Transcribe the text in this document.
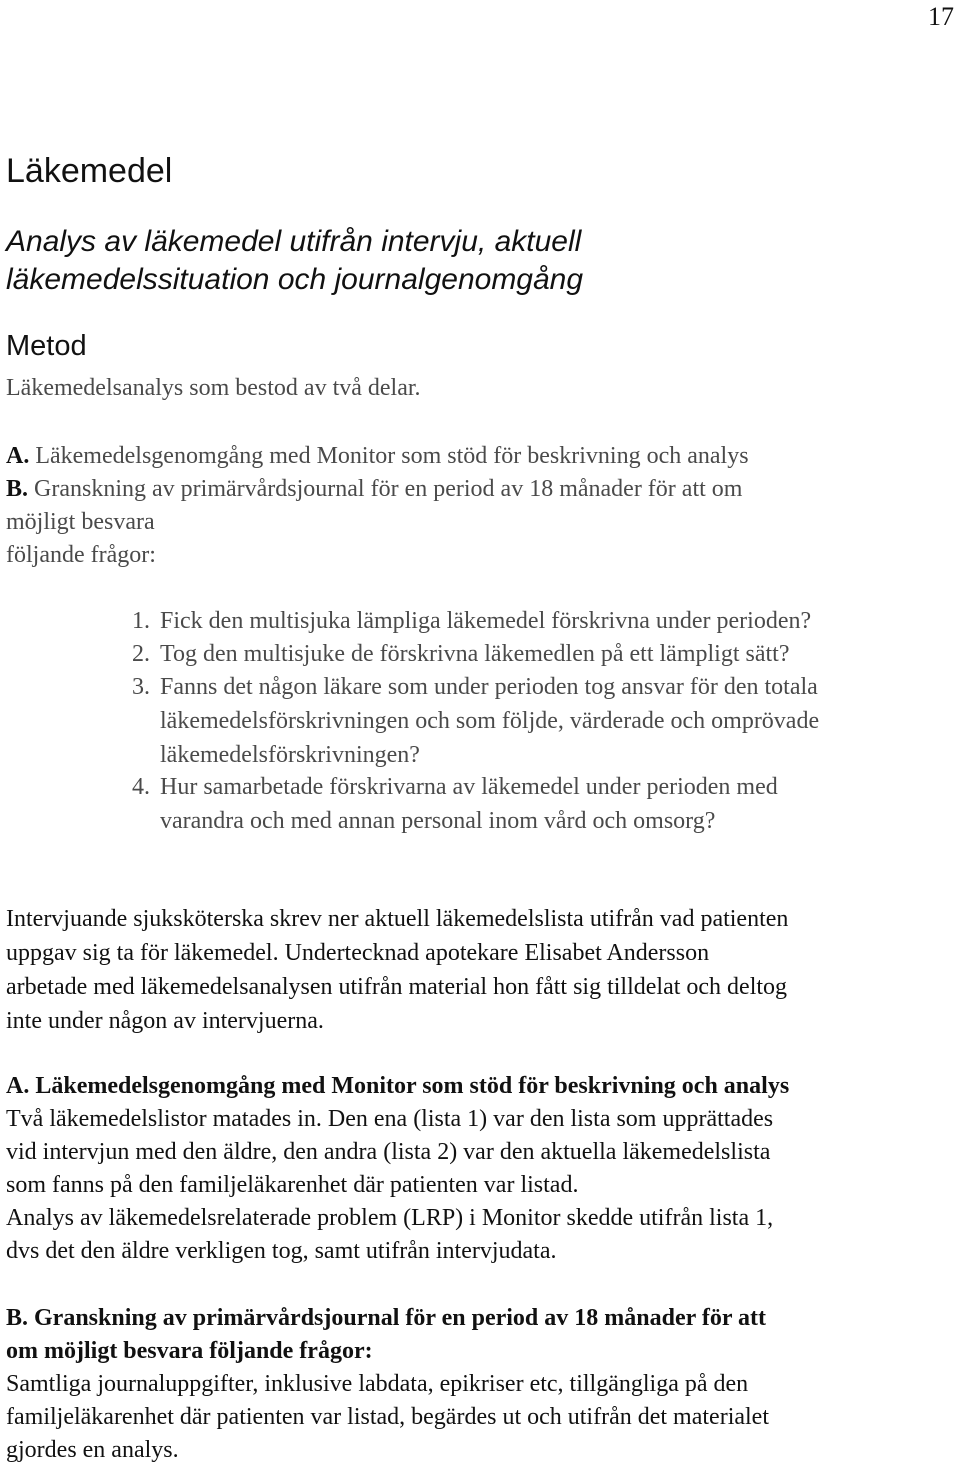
17
Läkemedel
Analys av läkemedel utifrån intervju, aktuell
läkemedelssituation och journalgenomgång
Metod
Läkemedelsanalys som bestod av två delar.
A. Läkemedelsgenomgång med Monitor som stöd för beskrivning och analys
B. Granskning av primärvårdsjournal för en period av 18 månader för att om
möjligt besvara
följande frågor:
1. Fick den multisjuka lämpliga läkemedel förskrivna under perioden?
2. Tog den multisjuke de förskrivna läkemedlen på ett lämpligt sätt?
3. Fanns det någon läkare som under perioden tog ansvar för den totala
läkemedelsförskrivningen och som följde, värderade och omprövade
läkemedelsförskrivningen?
4. Hur samarbetade förskrivarna av läkemedel under perioden med
varandra och med annan personal inom vård och omsorg?
Intervjuande sjuksköterska skrev ner aktuell läkemedelslista utifrån vad patienten
uppgav sig ta för läkemedel. Undertecknad apotekare Elisabet Andersson
arbetade med läkemedelsanalysen utifrån material hon fått sig tilldelat och deltog
inte under någon av intervjuerna.
A. Läkemedelsgenomgång med Monitor som stöd för beskrivning och analys
Två läkemedelslistor matades in. Den ena (lista 1) var den lista som upprättades
vid intervjun med den äldre, den andra (lista 2) var den aktuella läkemedelslista
som fanns på den familjeläkarenhet där patienten var listad.
Analys av läkemedelsrelaterade problem (LRP) i Monitor skedde utifrån lista 1,
dvs det den äldre verkligen tog, samt utifrån intervjudata.
B. Granskning av primärvårdsjournal för en period av 18 månader för att
om möjligt besvara följande frågor:
Samtliga journaluppgifter, inklusive labdata, epikriser etc, tillgängliga på den
familjeläkarenhet där patienten var listad, begärdes ut och utifrån det materialet
gjordes en analys.
